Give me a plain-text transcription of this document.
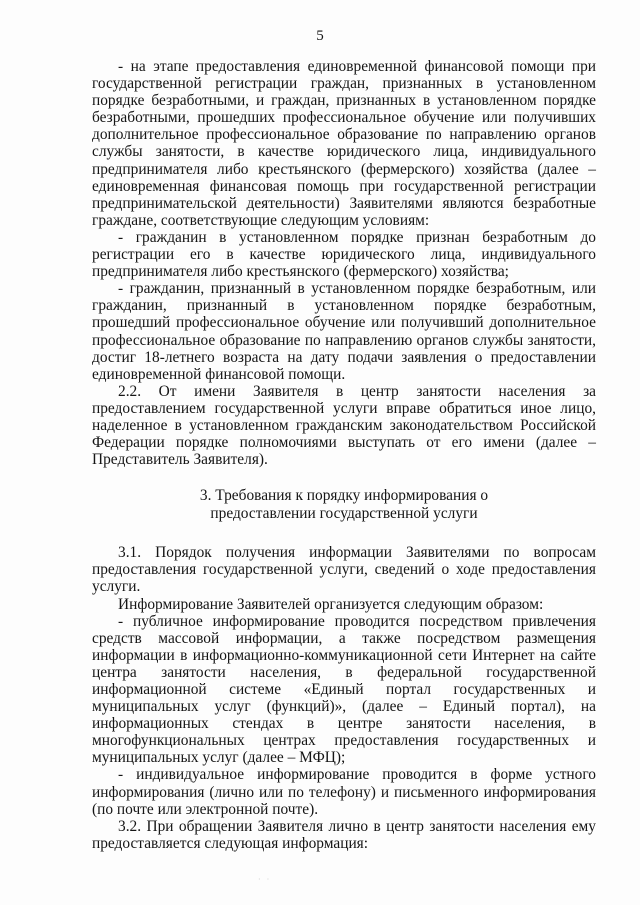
5

- на этапе предоставления единовременной финансовой помощи при государственной регистрации граждан, признанных в установленном порядке безработными, и граждан, признанных в установленном порядке безработными, прошедших профессиональное обучение или получивших дополнительное профессиональное образование по направлению органов службы занятости, в качестве юридического лица, индивидуального предпринимателя либо крестьянского (фермерского) хозяйства (далее – единовременная финансовая помощь при государственной регистрации предпринимательской деятельности) Заявителями являются безработные граждане, соответствующие следующим условиям:

- гражданин в установленном порядке признан безработным до регистрации его в качестве юридического лица, индивидуального предпринимателя либо крестьянского (фермерского) хозяйства;

- гражданин, признанный в установленном порядке безработным, или гражданин, признанный в установленном порядке безработным, прошедший профессиональное обучение или получивший дополнительное профессиональное образование по направлению органов службы занятости, достиг 18-летнего возраста на дату подачи заявления о предоставлении единовременной финансовой помощи.

2.2. От имени Заявителя в центр занятости населения за предоставлением государственной услуги вправе обратиться иное лицо, наделенное в установленном гражданским законодательством Российской Федерации порядке полномочиями выступать от его имени (далее – Представитель Заявителя).

3. Требования к порядку информирования о
предоставлении государственной услуги

3.1. Порядок получения информации Заявителями по вопросам предоставления государственной услуги, сведений о ходе предоставления услуги.

Информирование Заявителей организуется следующим образом:

- публичное информирование проводится посредством привлечения средств массовой информации, а также посредством размещения информации в информационно-коммуникационной сети Интернет на сайте центра занятости населения, в федеральной государственной информационной системе «Единый портал государственных и муниципальных услуг (функций)», (далее – Единый портал), на информационных стендах в центре занятости населения, в многофункциональных центрах предоставления государственных и муниципальных услуг (далее – МФЦ);

- индивидуальное информирование проводится в форме устного информирования (лично или по телефону) и письменного информирования (по почте или электронной почте).

3.2. При обращении Заявителя лично в центр занятости населения ему предоставляется следующая информация:

·   ·
